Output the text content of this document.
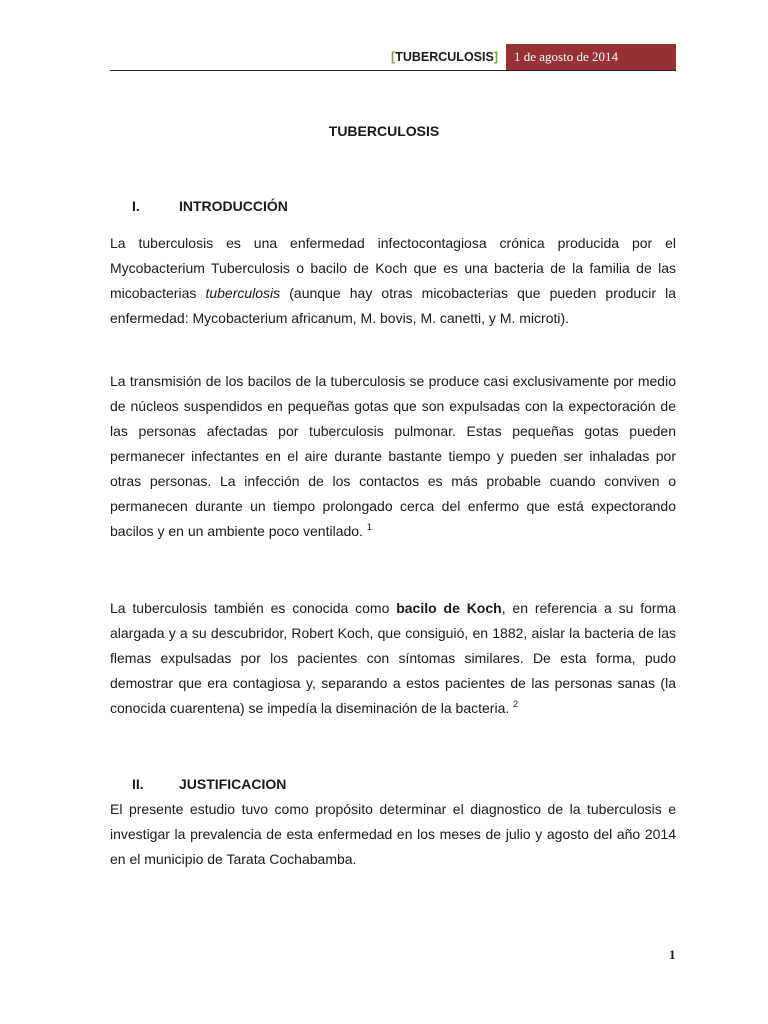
[TUBERCULOSIS]	1 de agosto de 2014
TUBERCULOSIS
I.	INTRODUCCIÓN

La tuberculosis es una enfermedad infectocontagiosa crónica producida por el Mycobacterium Tuberculosis o bacilo de Koch que es una bacteria de la familia de las micobacterias tuberculosis (aunque hay otras micobacterias que pueden producir la enfermedad: Mycobacterium africanum, M. bovis, M. canetti, y M. microti).

La transmisión de los bacilos de la tuberculosis se produce casi exclusivamente por medio de núcleos suspendidos en pequeñas gotas que son expulsadas con la expectoración de las personas afectadas por tuberculosis pulmonar. Estas pequeñas gotas pueden permanecer infectantes en el aire durante bastante tiempo y pueden ser inhaladas por otras personas. La infección de los contactos es más probable cuando conviven o permanecen durante un tiempo prolongado cerca del enfermo que está expectorando bacilos y en un ambiente poco ventilado. $^1$

La tuberculosis también es conocida como bacilo de Koch, en referencia a su forma alargada y a su descubridor, Robert Koch, que consiguió, en 1882, aislar la bacteria de las flemas expulsadas por los pacientes con síntomas similares. De esta forma, pudo demostrar que era contagiosa y, separando a estos pacientes de las personas sanas (la conocida cuarentena) se impedía la diseminación de la bacteria. $^2$

II.	JUSTIFICACION

El presente estudio tuvo como propósito determinar el diagnostico de la tuberculosis e investigar la prevalencia de esta enfermedad en los meses de julio y agosto del año 2014 en el municipio de Tarata Cochabamba.

1
